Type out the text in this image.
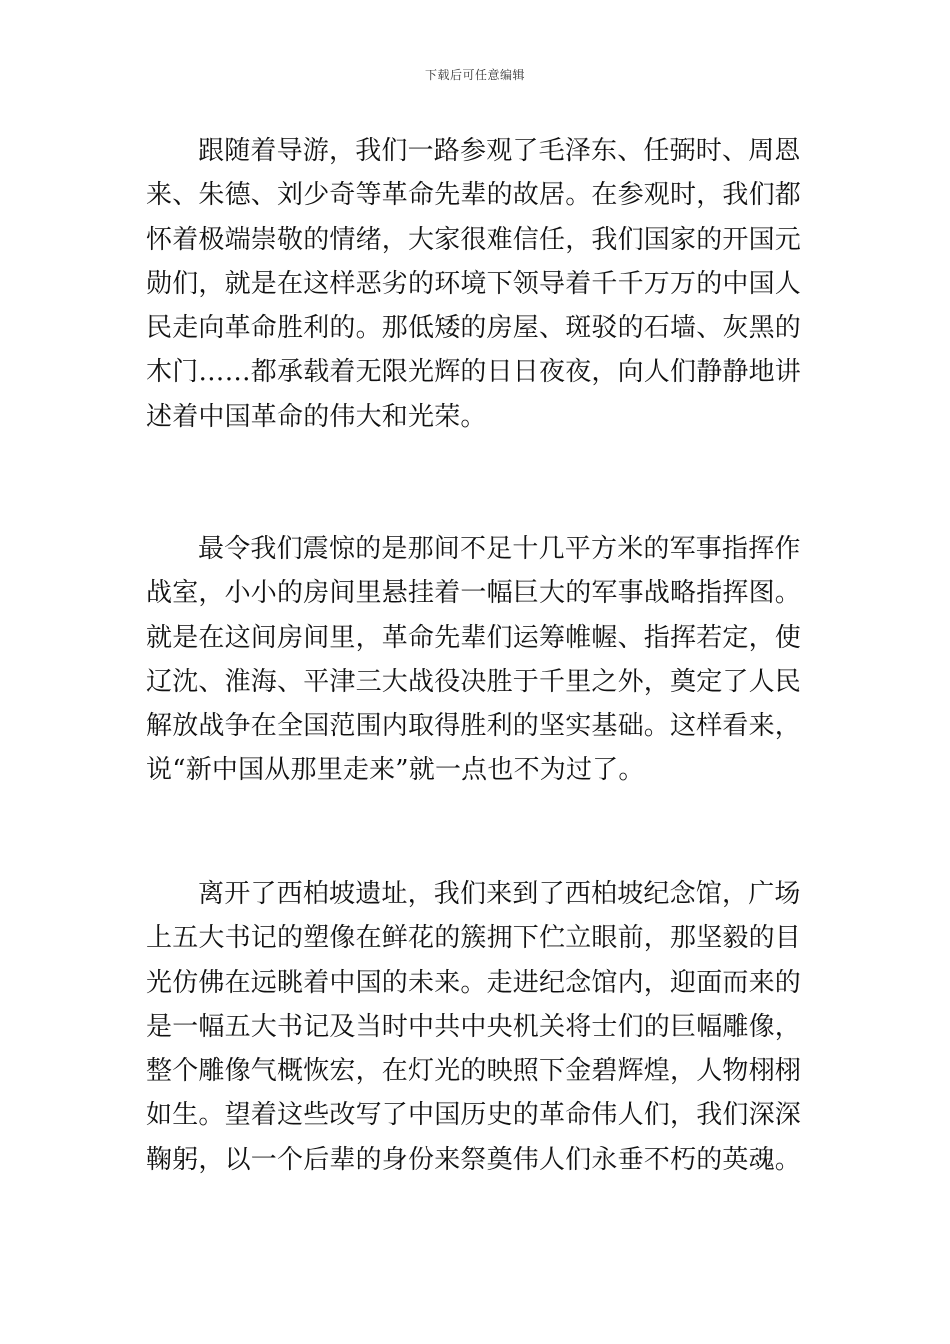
下载后可任意编辑

跟随着导游，我们一路参观了毛泽东、任弼时、周恩
来、朱德、刘少奇等革命先辈的故居。在参观时，我们都
怀着极端崇敬的情绪，大家很难信任，我们国家的开国元
勋们，就是在这样恶劣的环境下领导着千千万万的中国人
民走向革命胜利的。那低矮的房屋、斑驳的石墙、灰黑的
木门……都承载着无限光辉的日日夜夜，向人们静静地讲
述着中国革命的伟大和光荣。

最令我们震惊的是那间不足十几平方米的军事指挥作
战室，小小的房间里悬挂着一幅巨大的军事战略指挥图。
就是在这间房间里，革命先辈们运筹帷幄、指挥若定，使
辽沈、淮海、平津三大战役决胜于千里之外，奠定了人民
解放战争在全国范围内取得胜利的坚实基础。这样看来，
说“新中国从那里走来”就一点也不为过了。

离开了西柏坡遗址，我们来到了西柏坡纪念馆，广场
上五大书记的塑像在鲜花的簇拥下伫立眼前，那坚毅的目
光仿佛在远眺着中国的未来。走进纪念馆内，迎面而来的
是一幅五大书记及当时中共中央机关将士们的巨幅雕像，
整个雕像气概恢宏，在灯光的映照下金碧辉煌，人物栩栩
如生。望着这些改写了中国历史的革命伟人们，我们深深
鞠躬，以一个后辈的身份来祭奠伟人们永垂不朽的英魂。
